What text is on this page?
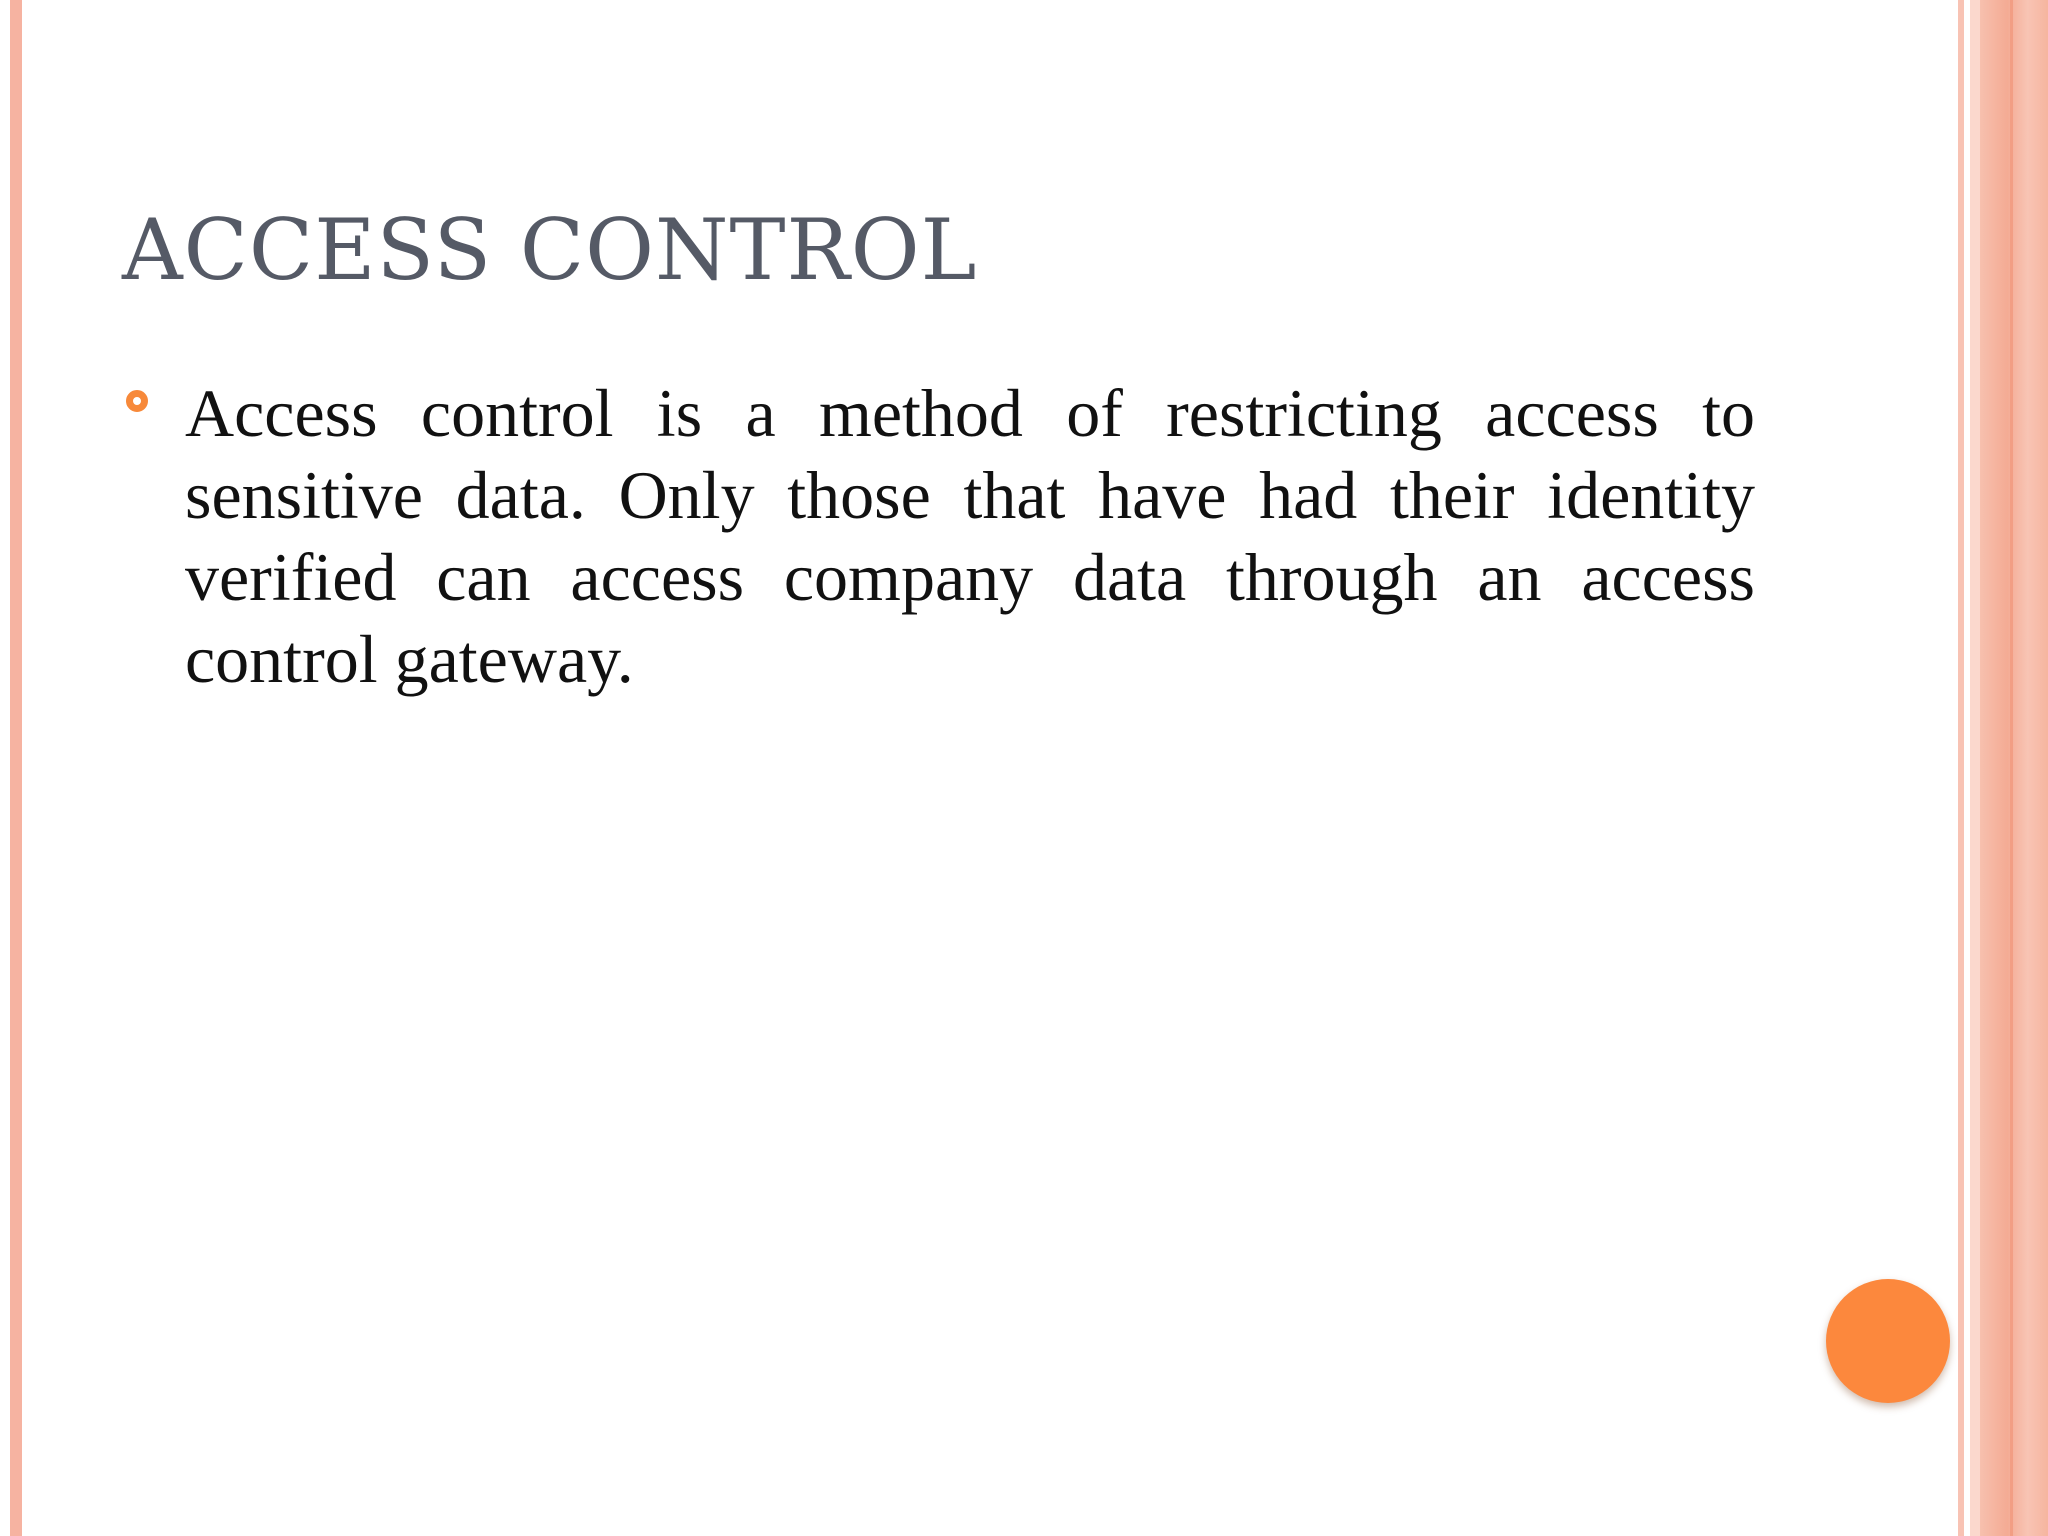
ACCESS CONTROL

Access control is a method of restricting access to sensitive data. Only those that have had their identity verified can access company data through an access control gateway.
